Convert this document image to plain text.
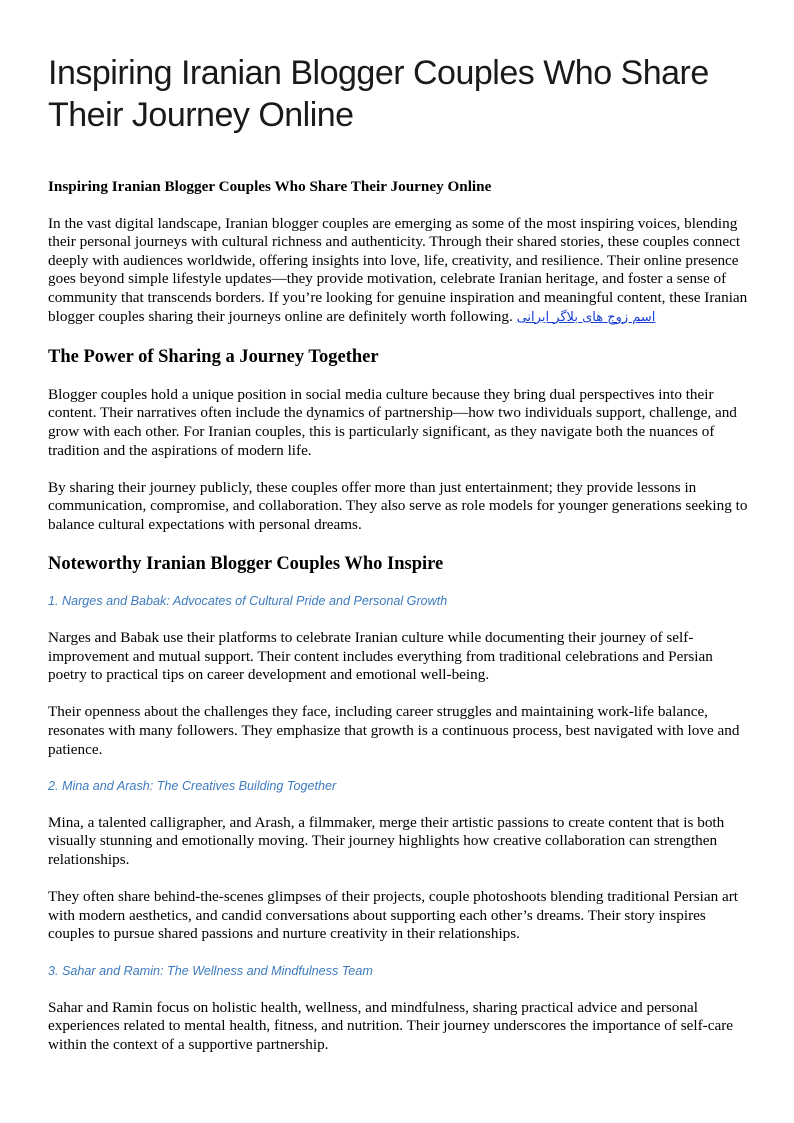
Inspiring Iranian Blogger Couples Who Share Their Journey Online
Inspiring Iranian Blogger Couples Who Share Their Journey Online

In the vast digital landscape, Iranian blogger couples are emerging as some of the most inspiring voices, blending their personal journeys with cultural richness and authenticity. Through their shared stories, these couples connect deeply with audiences worldwide, offering insights into love, life, creativity, and resilience. Their online presence goes beyond simple lifestyle updates—they provide motivation, celebrate Iranian heritage, and foster a sense of community that transcends borders. If you’re looking for genuine inspiration and meaningful content, these Iranian blogger couples sharing their journeys online are definitely worth following. اسم زوج های بلاگر ایرانی

The Power of Sharing a Journey Together

Blogger couples hold a unique position in social media culture because they bring dual perspectives into their content. Their narratives often include the dynamics of partnership—how two individuals support, challenge, and grow with each other. For Iranian couples, this is particularly significant, as they navigate both the nuances of tradition and the aspirations of modern life.

By sharing their journey publicly, these couples offer more than just entertainment; they provide lessons in communication, compromise, and collaboration. They also serve as role models for younger generations seeking to balance cultural expectations with personal dreams.

Noteworthy Iranian Blogger Couples Who Inspire
1. Narges and Babak: Advocates of Cultural Pride and Personal Growth

Narges and Babak use their platforms to celebrate Iranian culture while documenting their journey of self-improvement and mutual support. Their content includes everything from traditional celebrations and Persian poetry to practical tips on career development and emotional well-being.

Their openness about the challenges they face, including career struggles and maintaining work-life balance, resonates with many followers. They emphasize that growth is a continuous process, best navigated with love and patience.

2. Mina and Arash: The Creatives Building Together

Mina, a talented calligrapher, and Arash, a filmmaker, merge their artistic passions to create content that is both visually stunning and emotionally moving. Their journey highlights how creative collaboration can strengthen relationships.

They often share behind-the-scenes glimpses of their projects, couple photoshoots blending traditional Persian art with modern aesthetics, and candid conversations about supporting each other’s dreams. Their story inspires couples to pursue shared passions and nurture creativity in their relationships.

3. Sahar and Ramin: The Wellness and Mindfulness Team

Sahar and Ramin focus on holistic health, wellness, and mindfulness, sharing practical advice and personal experiences related to mental health, fitness, and nutrition. Their journey underscores the importance of self-care within the context of a supportive partnership.
